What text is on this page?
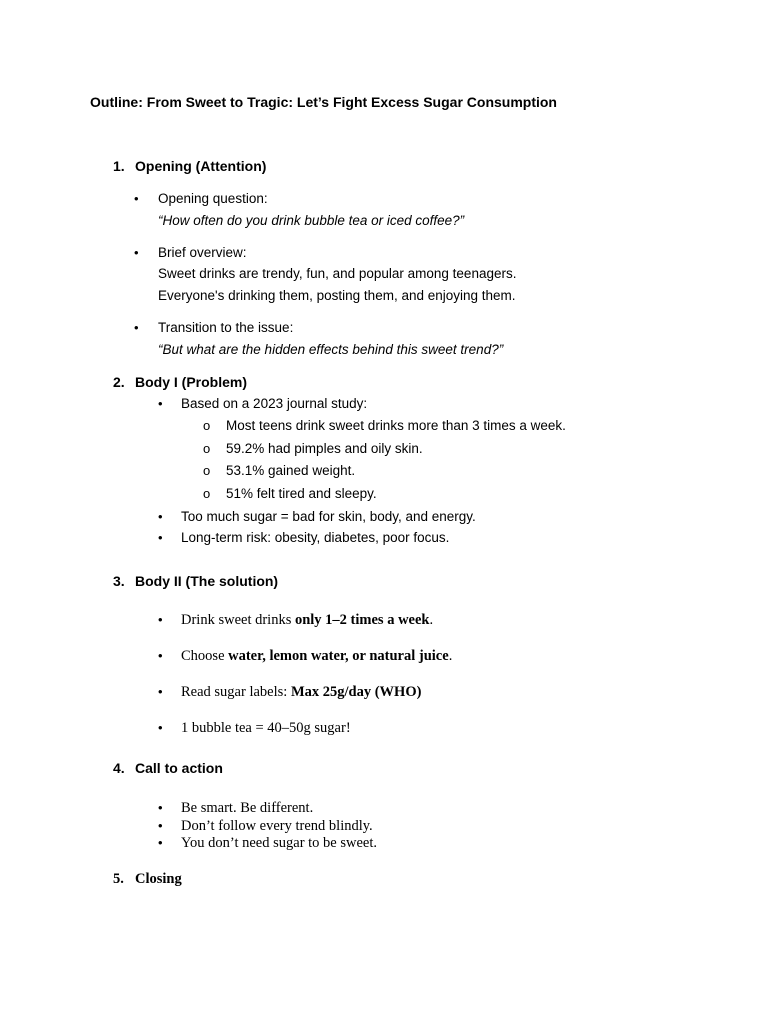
Outline: From Sweet to Tragic: Let’s Fight Excess Sugar Consumption
1. Opening (Attention)
• Opening question:
“How often do you drink bubble tea or iced coffee?”
• Brief overview:
Sweet drinks are trendy, fun, and popular among teenagers.
Everyone's drinking them, posting them, and enjoying them.
• Transition to the issue:
“But what are the hidden effects behind this sweet trend?”
2. Body I (Problem)
• Based on a 2023 journal study:
o Most teens drink sweet drinks more than 3 times a week.
o 59.2% had pimples and oily skin.
o 53.1% gained weight.
o 51% felt tired and sleepy.
• Too much sugar = bad for skin, body, and energy.
• Long-term risk: obesity, diabetes, poor focus.
3. Body II (The solution)
• Drink sweet drinks only 1–2 times a week.
• Choose water, lemon water, or natural juice.
• Read sugar labels: Max 25g/day (WHO)
• 1 bubble tea = 40–50g sugar!
4. Call to action
• Be smart. Be different.
• Don’t follow every trend blindly.
• You don’t need sugar to be sweet.
5. Closing
